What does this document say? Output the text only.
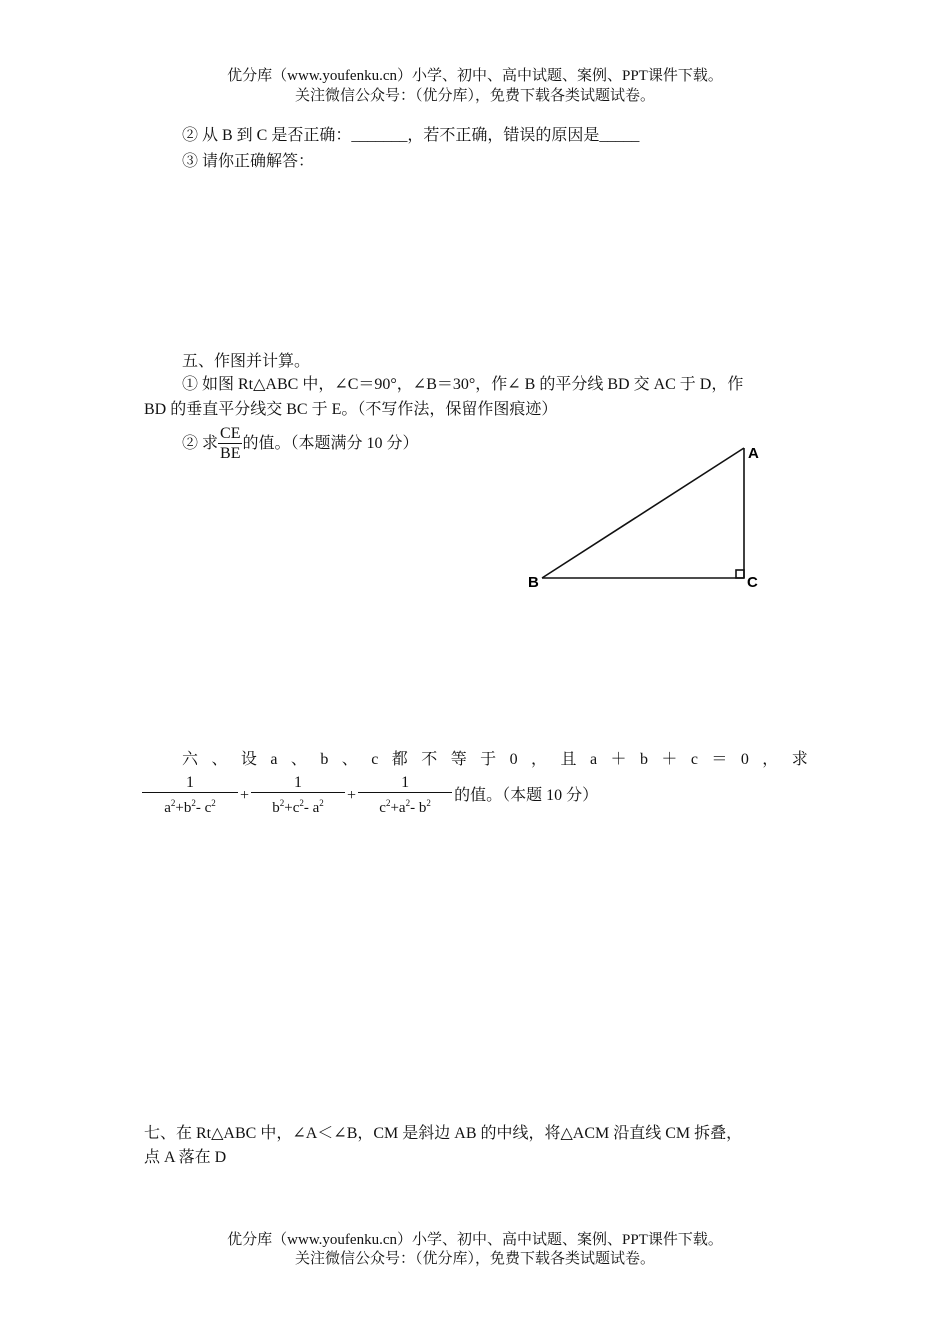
优分库（www.youfenku.cn）小学、初中、高中试题、案例、PPT课件下载。
关注微信公众号：（优分库），免费下载各类试题试卷。
② 从 B 到 C 是否正确：_______，若不正确，错误的原因是_____
③ 请你正确解答：
五、作图并计算。
① 如图 Rt△ABC 中，∠C＝90°，∠B＝30°，作∠ B 的平分线 BD 交 AC 于 D，作
BD 的垂直平分线交 BC 于 E。（不写作法，保留作图痕迹）
② 求 $\frac{CE}{BE}$ 的值。（本题满分 10 分）
A
B	C
六 、 设 a 、 b 、 c 都 不 等 于 0 ， 且 a ＋ b ＋ c ＝ 0 ， 求
$\frac{1}{a^2+b^2- c^2} + \frac{1}{b^2+c^2- a^2} + \frac{1}{c^2+a^2- b^2}$ 的值。（本题 10 分）
七、在 Rt△ABC 中，∠A＜∠B，CM 是斜边 AB 的中线，将△ACM 沿直线 CM 拆叠，
点 A 落在 D
优分库（www.youfenku.cn）小学、初中、高中试题、案例、PPT课件下载。
关注微信公众号：（优分库），免费下载各类试题试卷。
